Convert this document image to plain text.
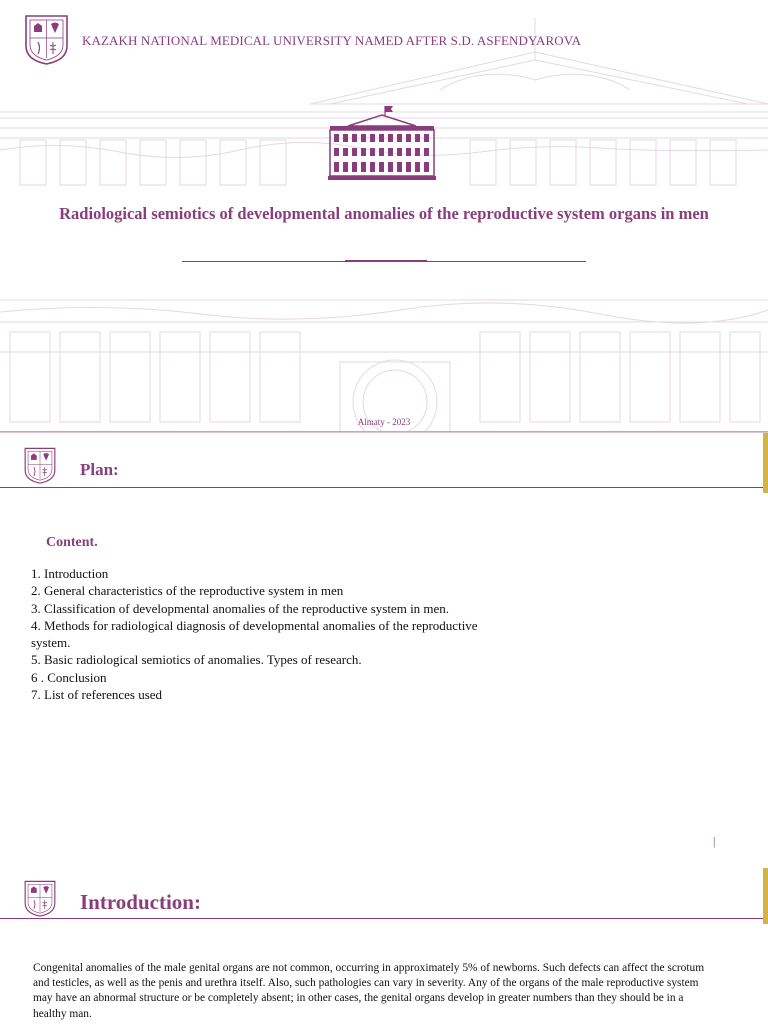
KAZAKH NATIONAL MEDICAL UNIVERSITY NAMED AFTER S.D. ASFENDYAROVA
Radiological semiotics of developmental anomalies of the reproductive system organs in men
Almaty - 2023
Plan:
Content.
1. Introduction
2. General characteristics of the reproductive system in men
3. Classification of developmental anomalies of the reproductive system in men.
4. Methods for radiological diagnosis of developmental anomalies of the reproductive system.
5. Basic radiological semiotics of anomalies. Types of research.
6 . Conclusion
7. List of references used
|
Introduction:

Congenital anomalies of the male genital organs are not common, occurring in approximately 5% of newborns. Such defects can affect the scrotum and testicles, as well as the penis and urethra itself. Also, such pathologies can vary in severity. Any of the organs of the male reproductive system may have an abnormal structure or be completely absent; in other cases, the genital organs develop in greater numbers than they should be in a healthy man.
